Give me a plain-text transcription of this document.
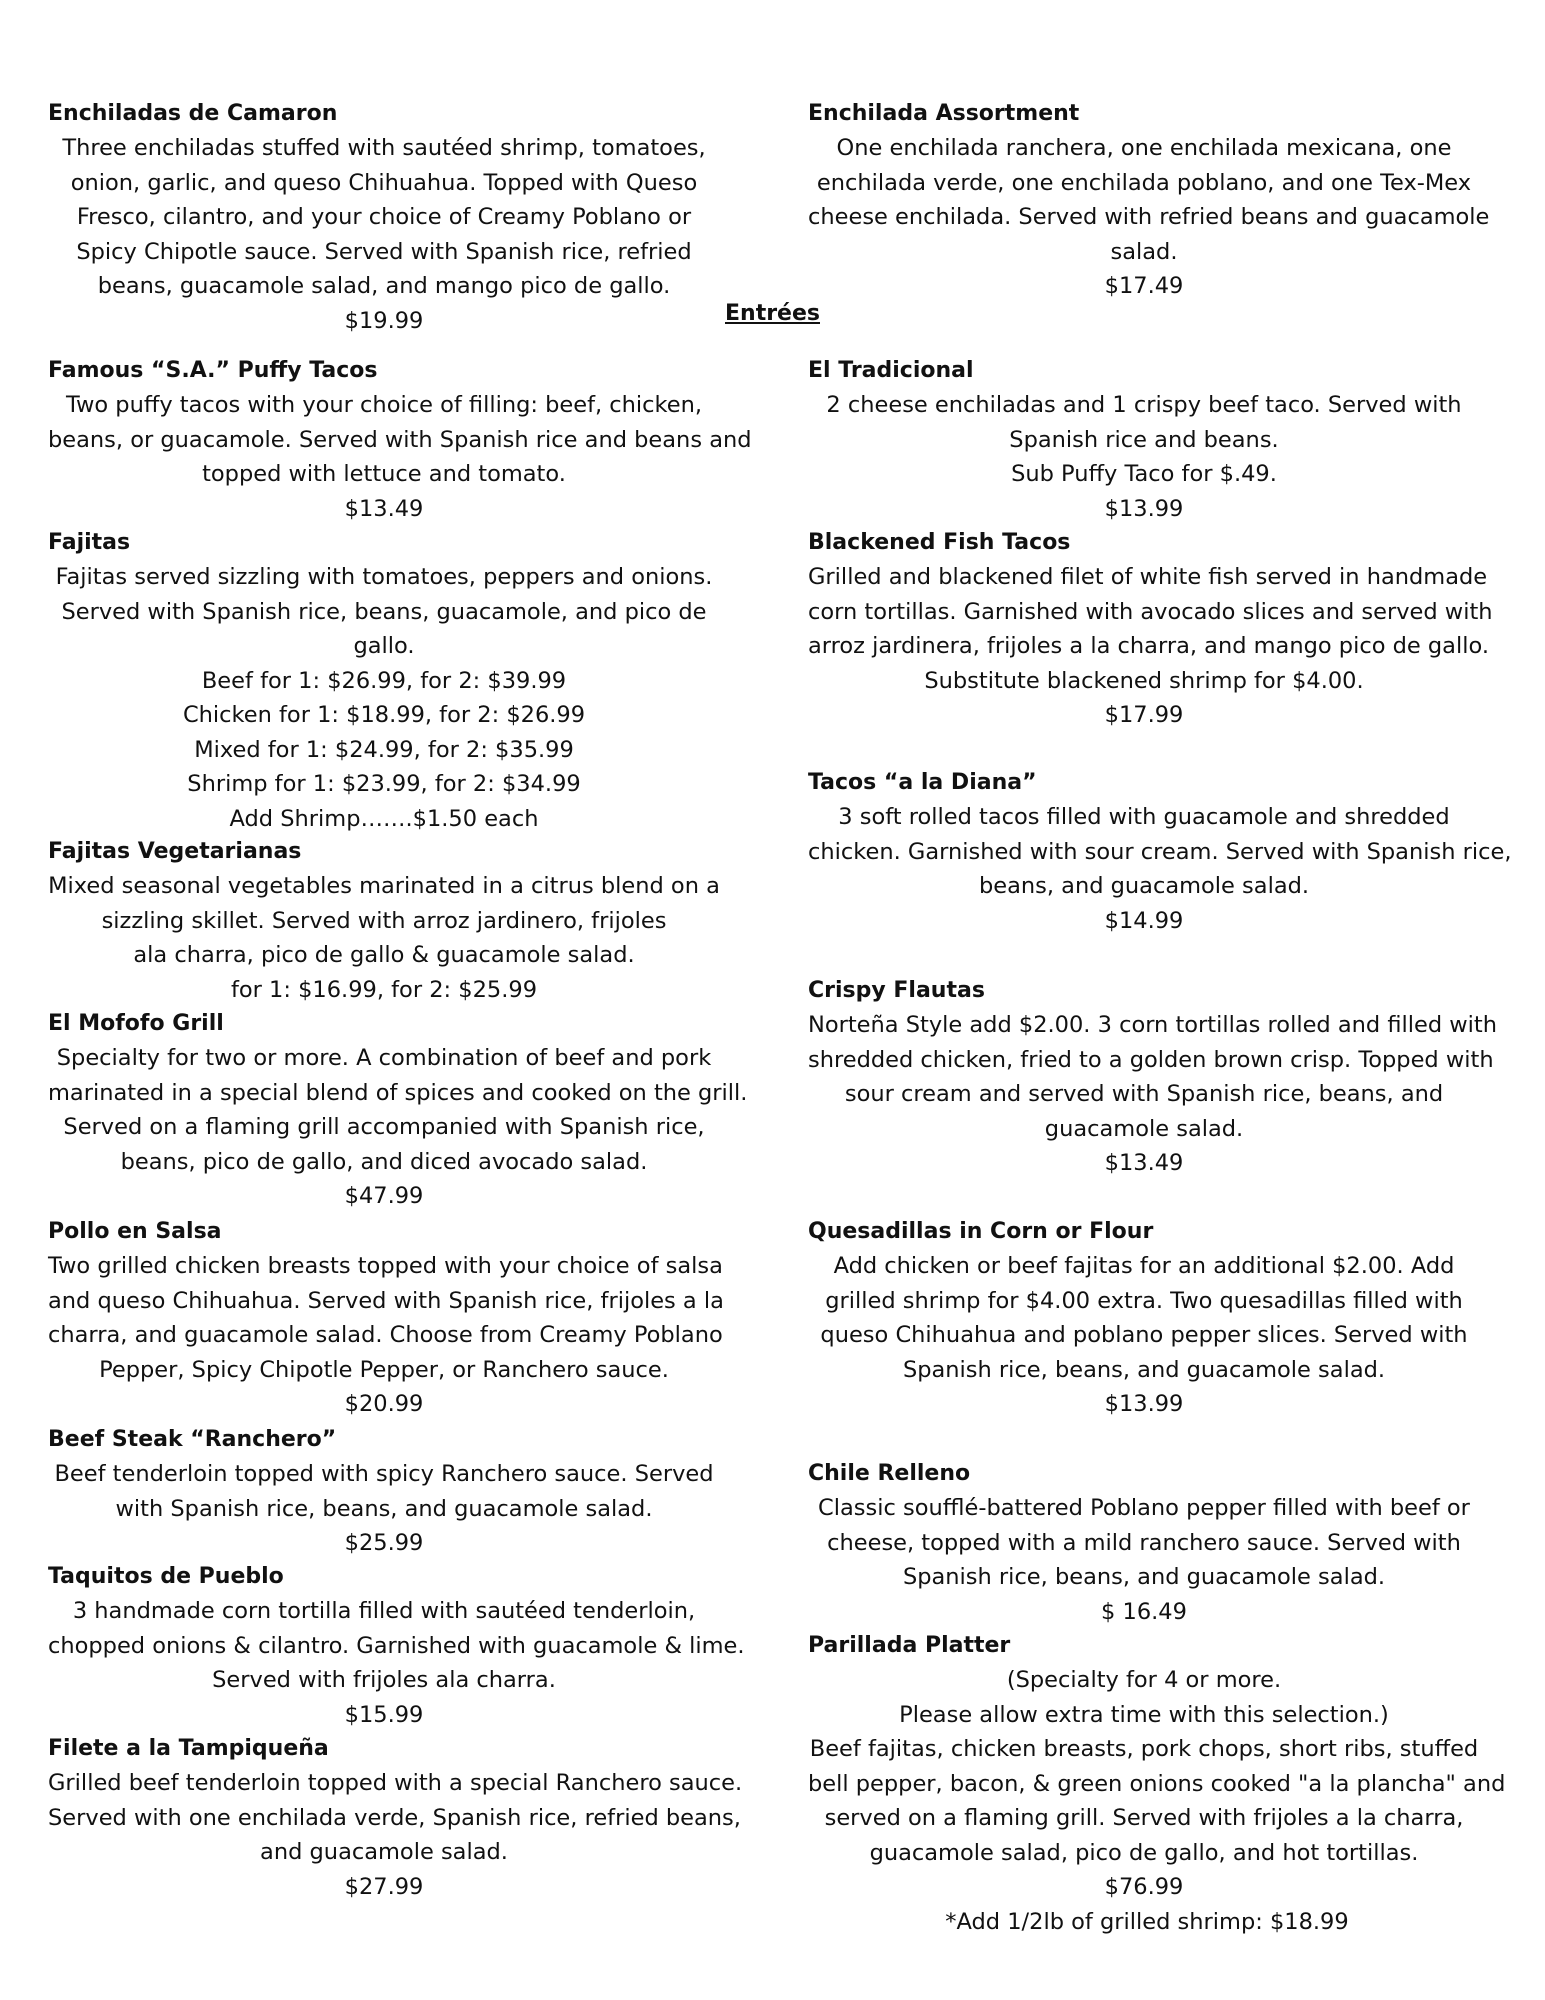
Enchiladas de Camaron
Three enchiladas stuffed with sautéed shrimp, tomatoes,
onion, garlic, and queso Chihuahua. Topped with Queso
Fresco, cilantro, and your choice of Creamy Poblano or
Spicy Chipotle sauce. Served with Spanish rice, refried
beans, guacamole salad, and mango pico de gallo.
$19.99
Famous “S.A.” Puffy Tacos
Two puffy tacos with your choice of filling: beef, chicken,
beans, or guacamole. Served with Spanish rice and beans and
topped with lettuce and tomato.
$13.49
Fajitas
Fajitas served sizzling with tomatoes, peppers and onions.
Served with Spanish rice, beans, guacamole, and pico de
gallo.
Beef for 1: $26.99, for 2: $39.99
Chicken for 1: $18.99, for 2: $26.99
Mixed for 1: $24.99, for 2: $35.99
Shrimp for 1: $23.99, for 2: $34.99
Add Shrimp…….$1.50 each
Fajitas Vegetarianas
Mixed seasonal vegetables marinated in a citrus blend on a
sizzling skillet. Served with arroz jardinero, frijoles
ala charra, pico de gallo & guacamole salad.
for 1: $16.99, for 2: $25.99
El Mofofo Grill
Specialty for two or more. A combination of beef and pork
marinated in a special blend of spices and cooked on the grill.
Served on a flaming grill accompanied with Spanish rice,
beans, pico de gallo, and diced avocado salad.
$47.99
Pollo en Salsa
Two grilled chicken breasts topped with your choice of salsa
and queso Chihuahua. Served with Spanish rice, frijoles a la
charra, and guacamole salad. Choose from Creamy Poblano
Pepper, Spicy Chipotle Pepper, or Ranchero sauce.
$20.99
Beef Steak “Ranchero”
Beef tenderloin topped with spicy Ranchero sauce. Served
with Spanish rice, beans, and guacamole salad.
$25.99
Taquitos de Pueblo
3 handmade corn tortilla filled with sautéed tenderloin,
chopped onions & cilantro. Garnished with guacamole & lime.
Served with frijoles ala charra.
$15.99
Filete a la Tampiqueña
Grilled beef tenderloin topped with a special Ranchero sauce.
Served with one enchilada verde, Spanish rice, refried beans,
and guacamole salad.
$27.99
Entrées
Enchilada Assortment
One enchilada ranchera, one enchilada mexicana, one
enchilada verde, one enchilada poblano, and one Tex-Mex
cheese enchilada. Served with refried beans and guacamole
salad.
$17.49
El Tradicional
2 cheese enchiladas and 1 crispy beef taco. Served with
Spanish rice and beans.
Sub Puffy Taco for $.49.
$13.99
Blackened Fish Tacos
Grilled and blackened filet of white fish served in handmade
corn tortillas. Garnished with avocado slices and served with
arroz jardinera, frijoles a la charra, and mango pico de gallo.
Substitute blackened shrimp for $4.00.
$17.99
Tacos “a la Diana”
3 soft rolled tacos filled with guacamole and shredded
chicken. Garnished with sour cream. Served with Spanish rice,
beans, and guacamole salad.
$14.99
Crispy Flautas
Norteña Style add $2.00. 3 corn tortillas rolled and filled with
shredded chicken, fried to a golden brown crisp. Topped with
sour cream and served with Spanish rice, beans, and
guacamole salad.
$13.49
Quesadillas in Corn or Flour
Add chicken or beef fajitas for an additional $2.00. Add
grilled shrimp for $4.00 extra. Two quesadillas filled with
queso Chihuahua and poblano pepper slices. Served with
Spanish rice, beans, and guacamole salad.
$13.99
Chile Relleno
Classic soufflé-battered Poblano pepper filled with beef or
cheese, topped with a mild ranchero sauce. Served with
Spanish rice, beans, and guacamole salad.
$ 16.49
Parillada Platter
(Specialty for 4 or more.
Please allow extra time with this selection.)
Beef fajitas, chicken breasts, pork chops, short ribs, stuffed
bell pepper, bacon, & green onions cooked "a la plancha" and
served on a flaming grill. Served with frijoles a la charra,
guacamole salad, pico de gallo, and hot tortillas.
$76.99
*Add 1/2lb of grilled shrimp: $18.99
